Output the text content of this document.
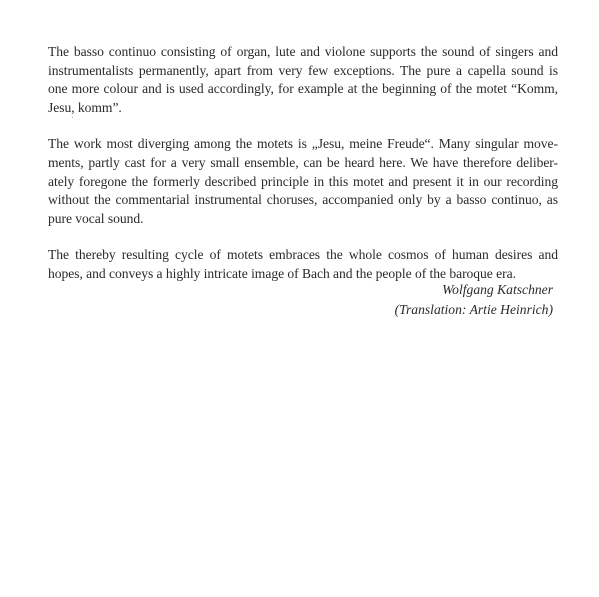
The basso continuo consisting of organ, lute and violone supports the sound of singers and
instrumentalists permanently, apart from very few exceptions. The pure a capella sound is
one more colour and is used accordingly, for example at the beginning of the motet “Komm,
Jesu, komm”.

The work most diverging among the motets is „Jesu, meine Freude“. Many singular move-
ments, partly cast for a very small ensemble, can be heard here. We have therefore deliber-
ately foregone the formerly described principle in this motet and present it in our recording
without the commentarial instrumental choruses, accompanied only by a basso continuo, as
pure vocal sound.

The thereby resulting cycle of motets embraces the whole cosmos of human desires and
hopes, and conveys a highly intricate image of Bach and the people of the baroque era.

Wolfgang Katschner
(Translation: Artie Heinrich)
